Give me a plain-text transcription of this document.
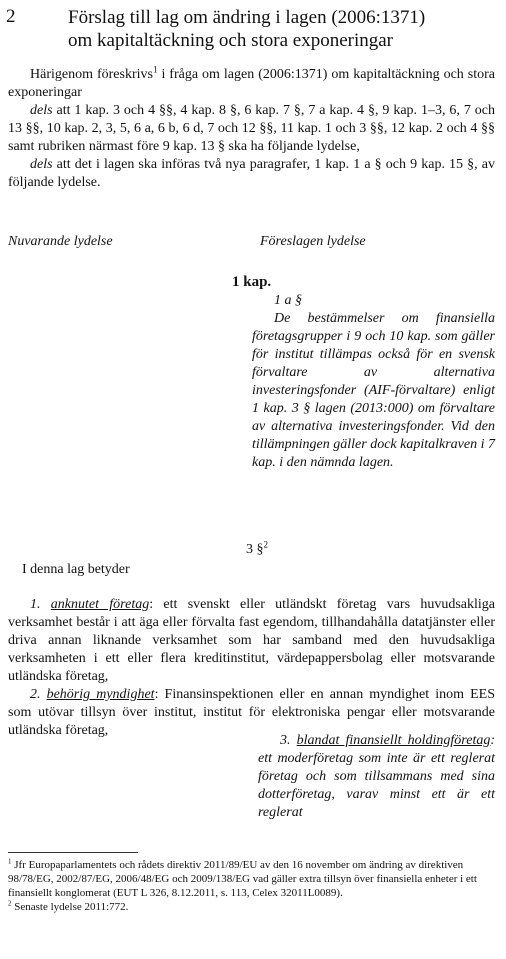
2	Förslag till lag om ändring i lagen (2006:1371)
om kapitaltäckning och stora exponeringar

Härigenom föreskrivs$^1$ i fråga om lagen (2006:1371) om kapitaltäckning och stora exponeringar

dels att 1 kap. 3 och 4 §§, 4 kap. 8 §, 6 kap. 7 §, 7 a kap. 4 §, 9 kap. 1–3, 6, 7 och 13 §§, 10 kap. 2, 3, 5, 6 a, 6 b, 6 d, 7 och 12 §§, 11 kap. 1 och 3 §§, 12 kap. 2 och 4 §§ samt rubriken närmast före 9 kap. 13 § ska ha följande lydelse,

dels att det i lagen ska införas två nya paragrafer, 1 kap. 1 a § och 9 kap. 15 §, av följande lydelse.

Nuvarande lydelse	Föreslagen lydelse
1 kap.

1 a §

De bestämmelser om finansiella företagsgrupper i 9 och 10 kap. som gäller för institut tillämpas också för en svensk förvaltare av alternativa investeringsfonder (AIF-förvaltare) enligt 1 kap. 3 § lagen (2013:000) om förvaltare av alternativa investeringsfonder. Vid den tillämpningen gäller dock kapitalkraven i 7 kap. i den nämnda lagen.

3 §$^2$
I denna lag betyder

1. anknutet företag: ett svenskt eller utländskt företag vars huvudsakliga verksamhet består i att äga eller förvalta fast egendom, tillhandahålla datatjänster eller driva annan liknande verksamhet som har samband med den huvudsakliga verksamheten i ett eller flera kreditinstitut, värdepappersbolag eller motsvarande utländska företag,

2. behörig myndighet: Finansinspektionen eller en annan myndighet inom EES som utövar tillsyn över institut, institut för elektroniska pengar eller motsvarande utländska företag,

3. blandat finansiellt holdingföretag: ett moderföretag som inte är ett reglerat företag och som tillsammans med sina dotterföretag, varav minst ett är ett reglerat

$^1$ Jfr Europaparlamentets och rådets direktiv 2011/89/EU av den 16 november om ändring av direktiven 98/78/EG, 2002/87/EG, 2006/48/EG och 2009/138/EG vad gäller extra tillsyn över finansiella enheter i ett finansiellt konglomerat (EUT L 326, 8.12.2011, s. 113, Celex 32011L0089).

$^2$ Senaste lydelse 2011:772.
